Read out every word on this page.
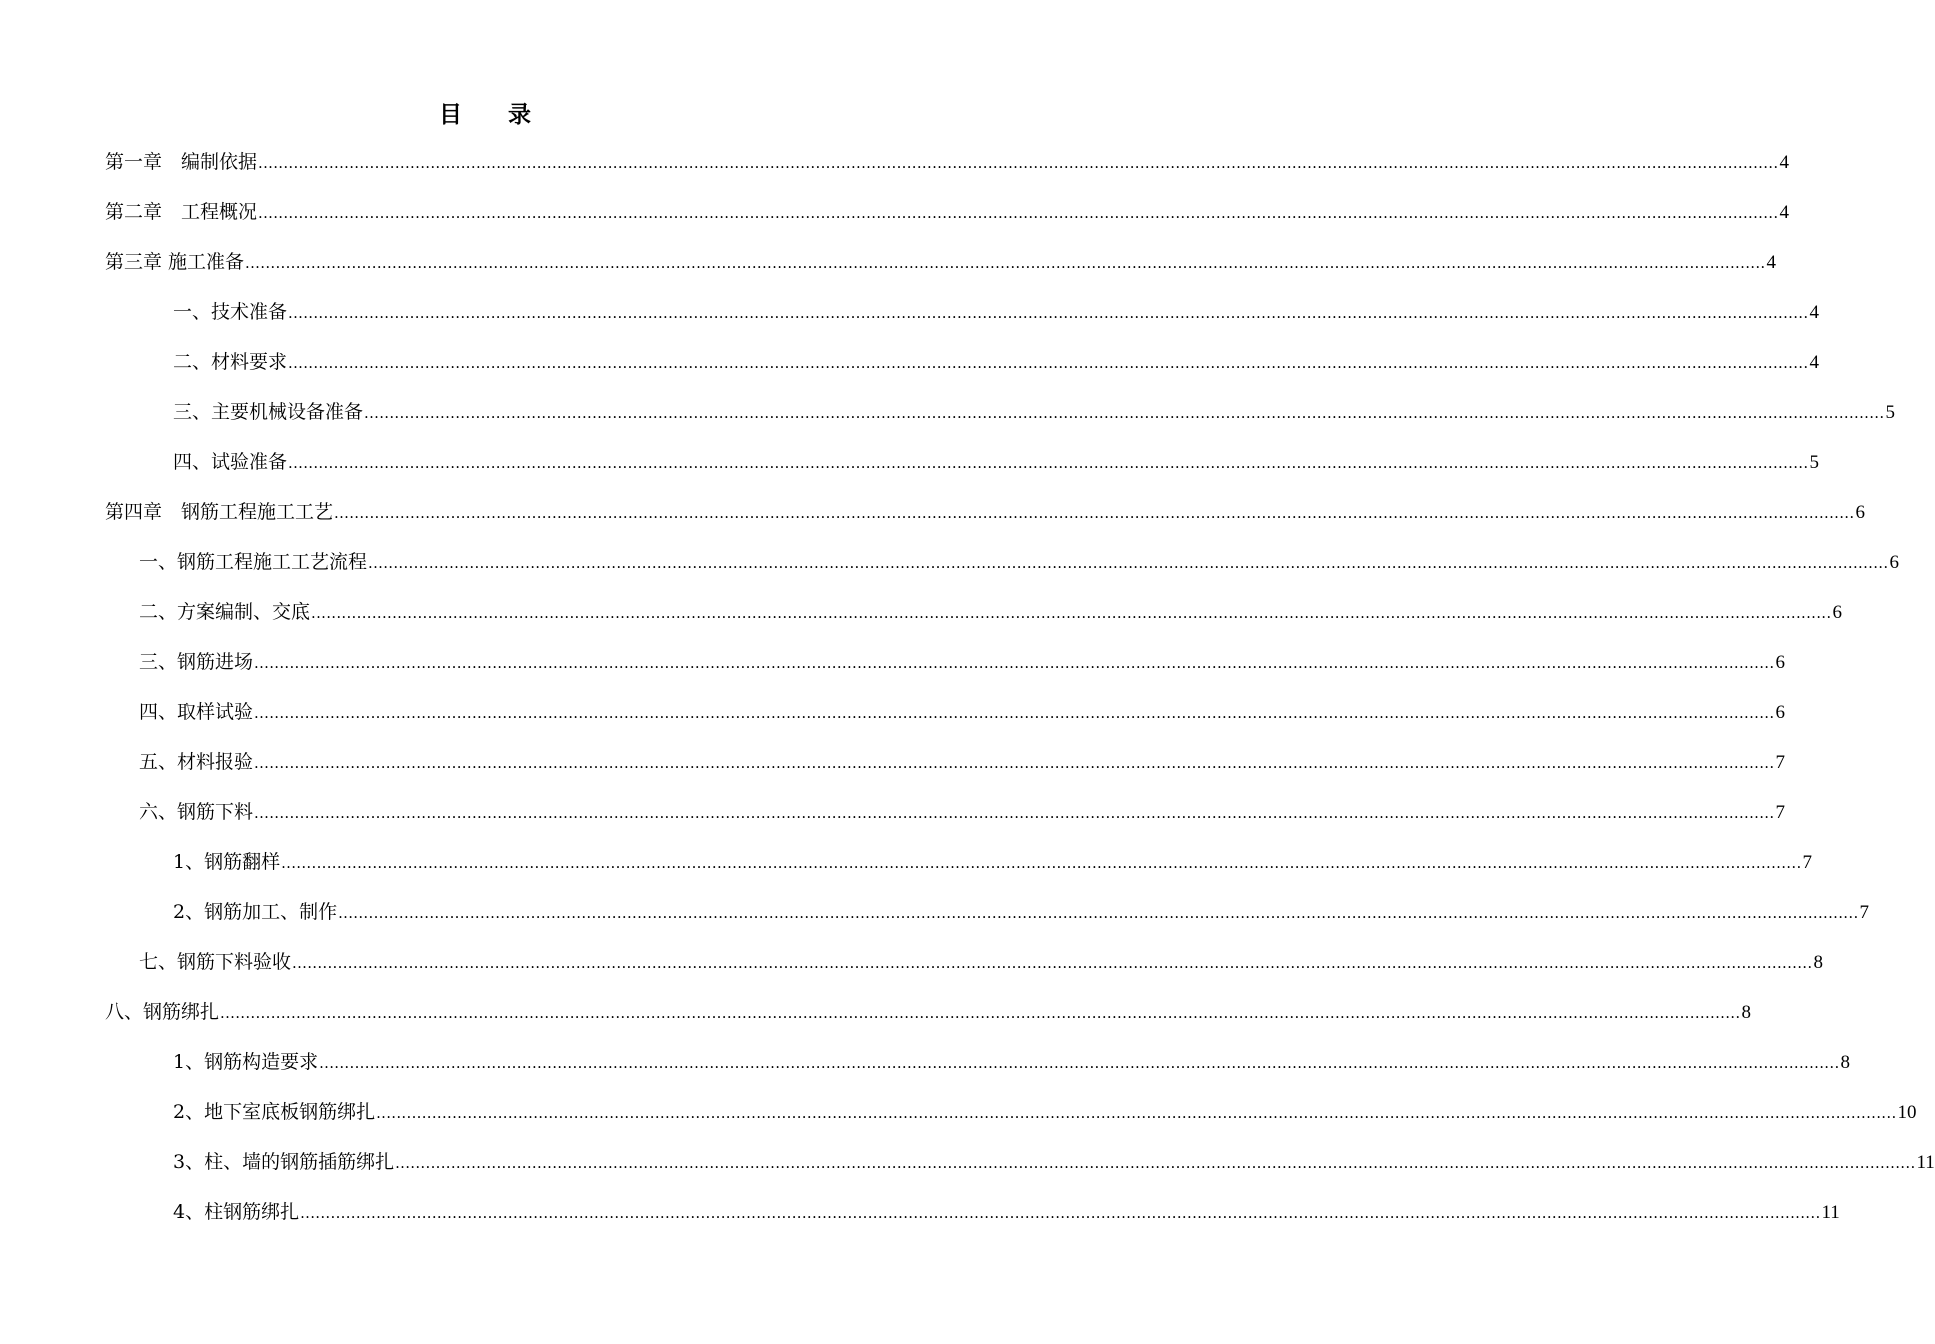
目　　录
第一章　编制依据 ............................................................................................................................................................................................................................................................................................................ 4
第二章　工程概况 ............................................................................................................................................................................................................................................................................................................ 4
第三章 施工准备 ............................................................................................................................................................................................................................................................................................................ 4
一、技术准备 ............................................................................................................................................................................................................................................................................................................ 4
二、材料要求 ............................................................................................................................................................................................................................................................................................................ 4
三、主要机械设备准备 ............................................................................................................................................................................................................................................................................................................ 5
四、试验准备 ............................................................................................................................................................................................................................................................................................................ 5
第四章　钢筋工程施工工艺 ............................................................................................................................................................................................................................................................................................................ 6
一、钢筋工程施工工艺流程 ............................................................................................................................................................................................................................................................................................................ 6
二、方案编制、交底 ............................................................................................................................................................................................................................................................................................................ 6
三、钢筋进场 ............................................................................................................................................................................................................................................................................................................ 6
四、取样试验 ............................................................................................................................................................................................................................................................................................................ 6
五、材料报验 ............................................................................................................................................................................................................................................................................................................ 7
六、钢筋下料 ............................................................................................................................................................................................................................................................................................................ 7
1、钢筋翻样 ............................................................................................................................................................................................................................................................................................................ 7
2、钢筋加工、制作 ............................................................................................................................................................................................................................................................................................................ 7
七、钢筋下料验收 ............................................................................................................................................................................................................................................................................................................ 8
八、钢筋绑扎 ............................................................................................................................................................................................................................................................................................................ 8
1、钢筋构造要求 ............................................................................................................................................................................................................................................................................................................ 8
2、地下室底板钢筋绑扎 ............................................................................................................................................................................................................................................................................................................ 10
3、柱、墙的钢筋插筋绑扎 ............................................................................................................................................................................................................................................................................................................ 11
4、柱钢筋绑扎 ............................................................................................................................................................................................................................................................................................................ 11
